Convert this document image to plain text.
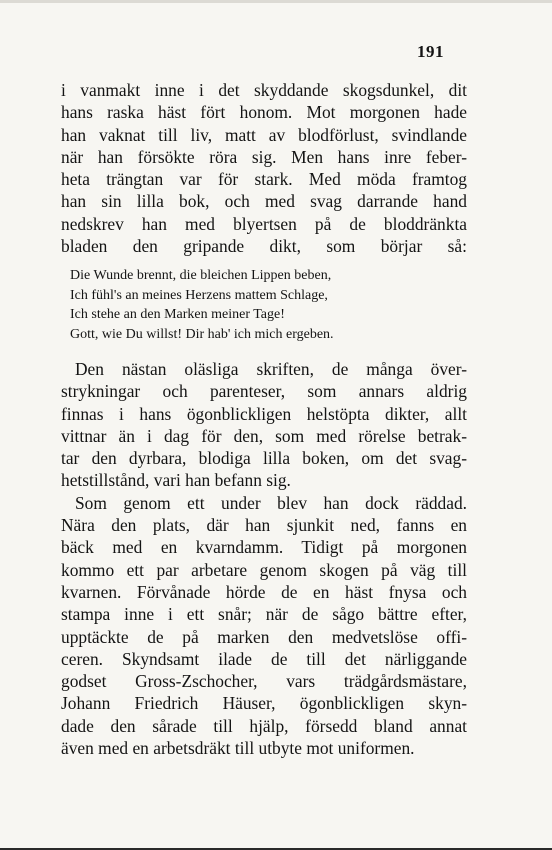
191
i vanmakt inne i det skyddande skogsdunkel, dit
hans raska häst fört honom. Mot morgonen hade
han vaknat till liv, matt av blodförlust, svindlande
när han försökte röra sig. Men hans inre feber-
heta trängtan var för stark. Med möda framtog
han sin lilla bok, och med svag darrande hand
nedskrev han med blyertsen på de bloddränkta
bladen den gripande dikt, som börjar så:
Die Wunde brennt, die bleichen Lippen beben,
Ich fühl's an meines Herzens mattem Schlage,
Ich stehe an den Marken meiner Tage!
Gott, wie Du willst! Dir hab' ich mich ergeben.
Den nästan oläsliga skriften, de många över-
strykningar och parenteser, som annars aldrig
finnas i hans ögonblickligen helstöpta dikter, allt
vittnar än i dag för den, som med rörelse betrak-
tar den dyrbara, blodiga lilla boken, om det svag-
hetstillstånd, vari han befann sig.
Som genom ett under blev han dock räddad.
Nära den plats, där han sjunkit ned, fanns en
bäck med en kvarndamm. Tidigt på morgonen
kommo ett par arbetare genom skogen på väg till
kvarnen. Förvånade hörde de en häst fnysa och
stampa inne i ett snår; när de sågo bättre efter,
upptäckte de på marken den medvetslöse offi-
ceren. Skyndsamt ilade de till det närliggande
godset Gross-Zschocher, vars trädgårdsmästare,
Johann Friedrich Häuser, ögonblickligen skyn-
dade den sårade till hjälp, försedd bland annat
även med en arbetsdräkt till utbyte mot uniformen.
